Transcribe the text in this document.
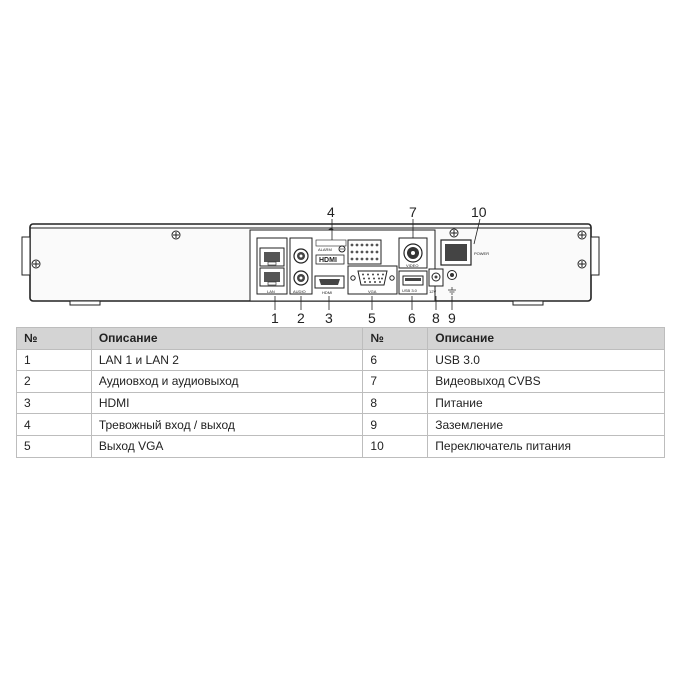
LAN	AUDIO
HDMI
HDMI
ALARM
VGA
VIDEO
USB 3.0	12V
POWER
1 2 3
4
5 6
7
8 9
10
№	Описание	№	Описание
1	LAN 1 и LAN 2	6	USB 3.0
2	Аудиовход и аудиовыход	7	Видеовыход CVBS
3	HDMI	8	Питание
4	Тревожный вход / выход	9	Заземление
5	Выход VGA	10	Переключатель питания
